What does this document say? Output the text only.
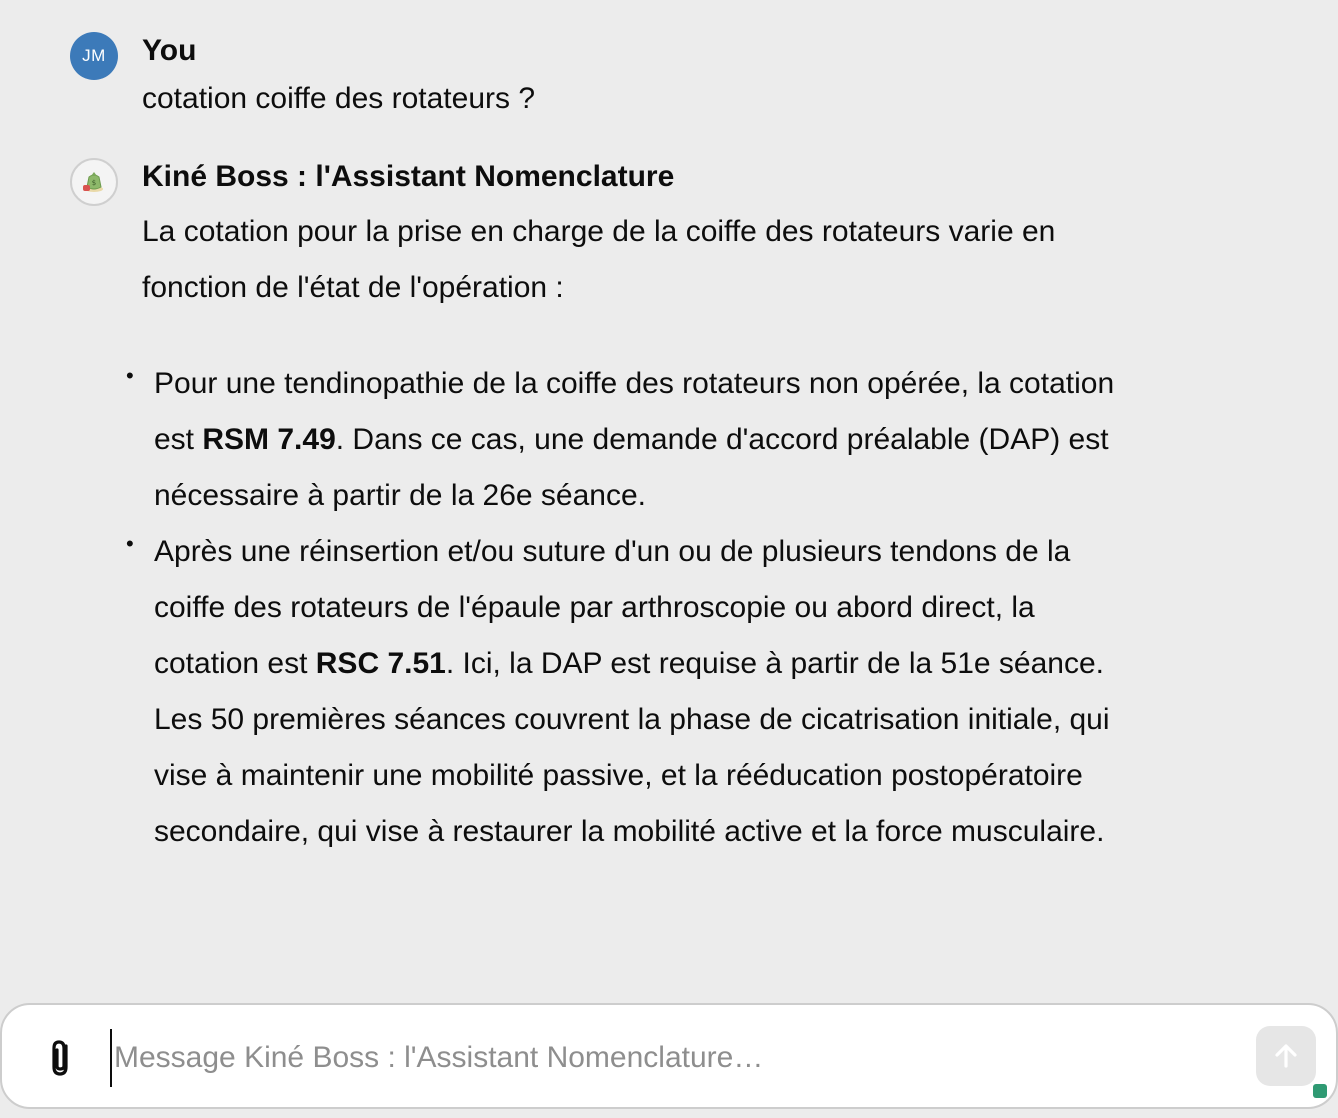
JM You
cotation coiffe des rotateurs ?
$ Kiné Boss : l'Assistant Nomenclature
La cotation pour la prise en charge de la coiffe des rotateurs varie en fonction de l'état de l'opération :
• Pour une tendinopathie de la coiffe des rotateurs non opérée, la cotation est RSM 7.49. Dans ce cas, une demande d'accord préalable (DAP) est nécessaire à partir de la 26e séance.
• Après une réinsertion et/ou suture d'un ou de plusieurs tendons de la coiffe des rotateurs de l'épaule par arthroscopie ou abord direct, la cotation est RSC 7.51. Ici, la DAP est requise à partir de la 51e séance. Les 50 premières séances couvrent la phase de cicatrisation initiale, qui vise à maintenir une mobilité passive, et la rééducation postopératoire secondaire, qui vise à restaurer la mobilité active et la force musculaire.
Message Kiné Boss : l'Assistant Nomenclature…
